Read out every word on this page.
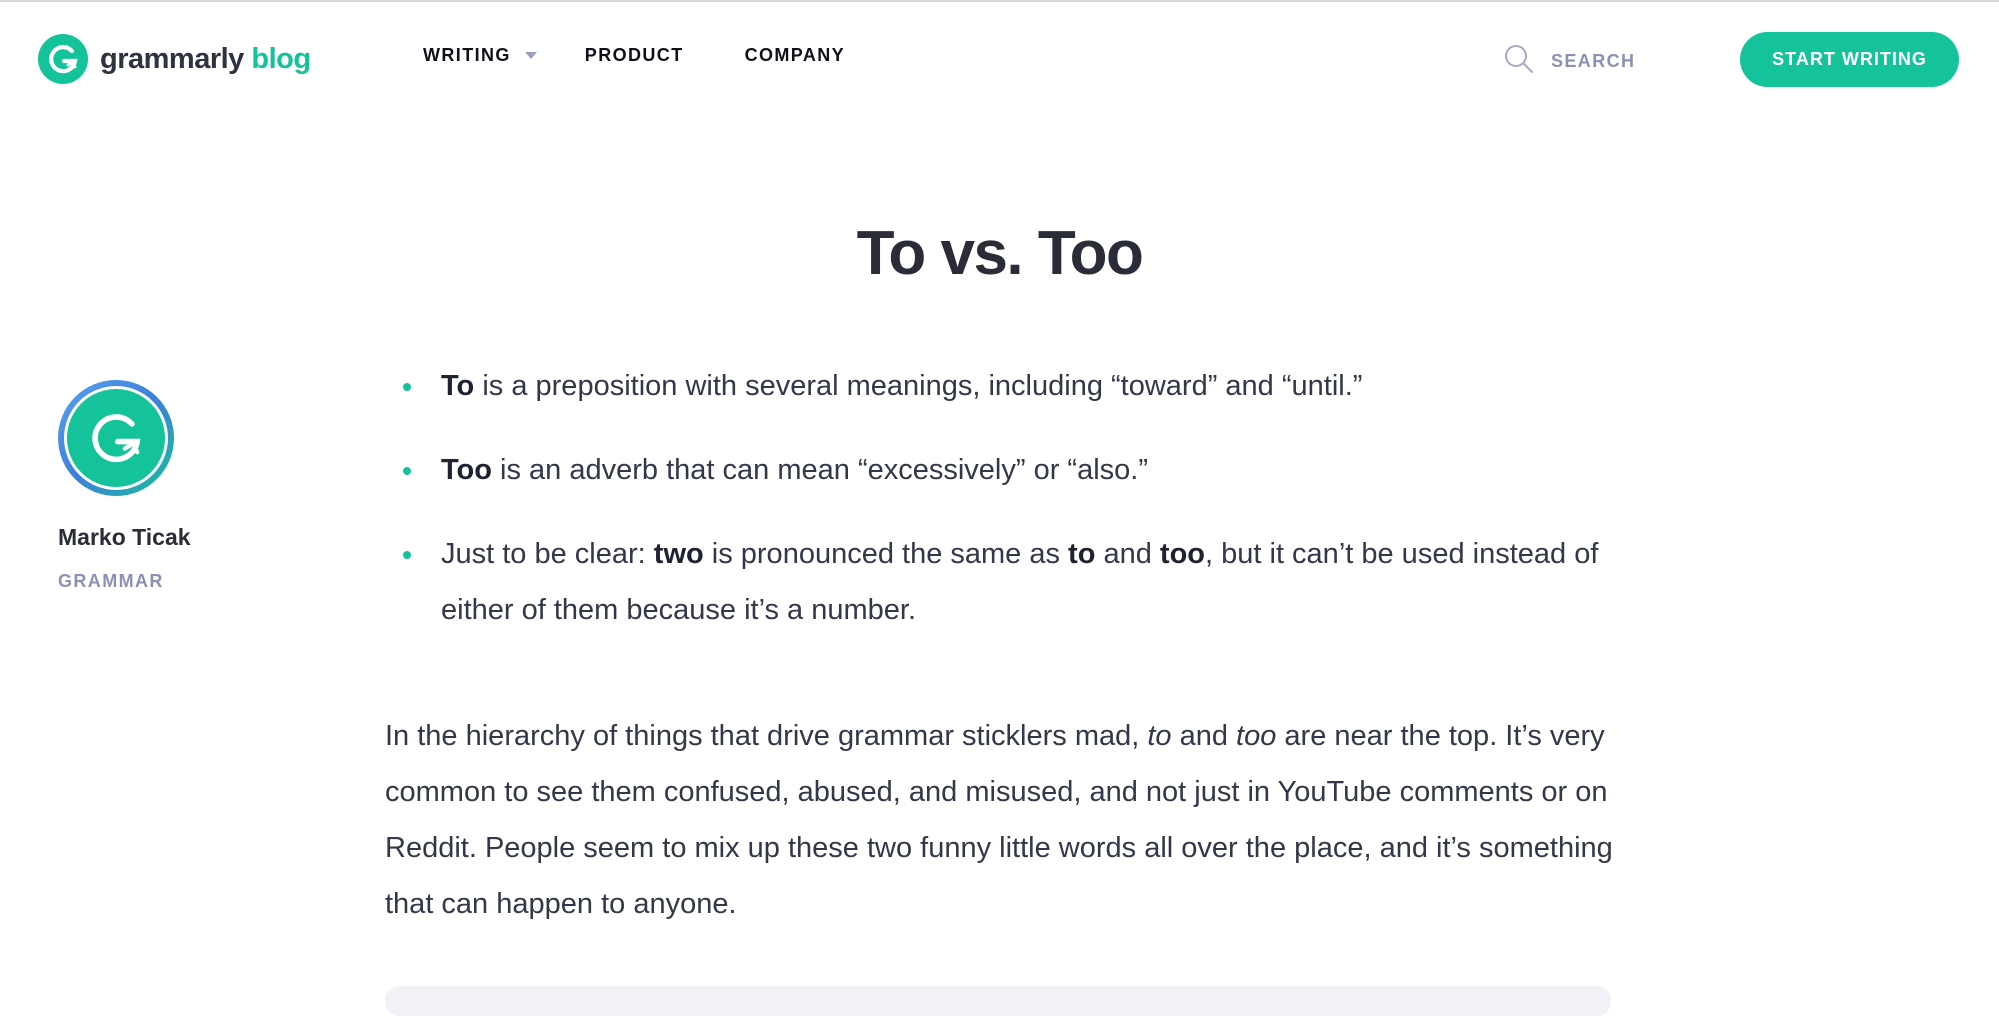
grammarly blog	WRITING	PRODUCT	COMPANY	SEARCH	START WRITING
To vs. Too
Marko Ticak
GRAMMAR
To is a preposition with several meanings, including “toward” and “until.”
Too is an adverb that can mean “excessively” or “also.”
Just to be clear: two is pronounced the same as to and too, but it can’t be used instead of either of them because it’s a number.

In the hierarchy of things that drive grammar sticklers mad, to and too are near the top. It’s very common to see them confused, abused, and misused, and not just in YouTube comments or on Reddit. People seem to mix up these two funny little words all over the place, and it’s something that can happen to anyone.
